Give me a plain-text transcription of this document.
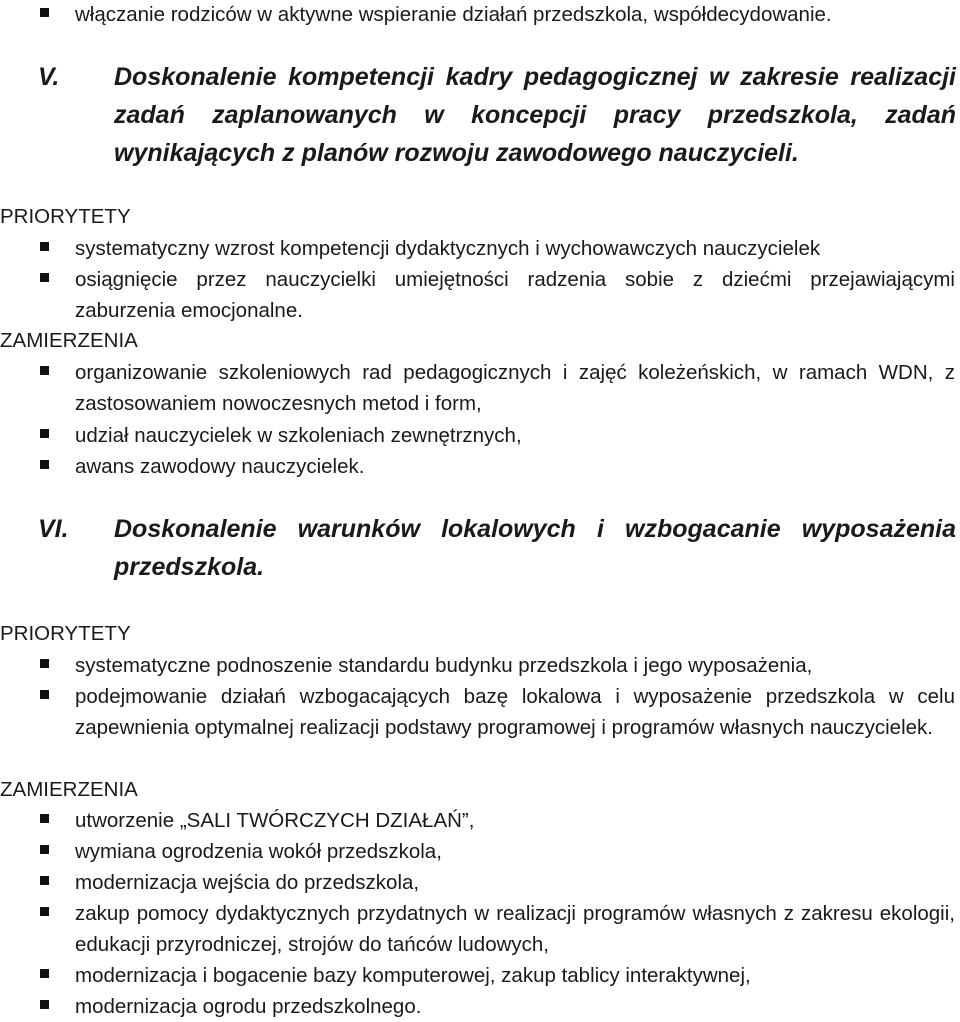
włączanie rodziców w aktywne wspieranie działań przedszkola, współdecydowanie.
V. Doskonalenie kompetencji kadry pedagogicznej w zakresie realizacji zadań zaplanowanych w koncepcji pracy przedszkola, zadań wynikających z planów rozwoju zawodowego nauczycieli.
PRIORYTETY
systematyczny wzrost kompetencji dydaktycznych i wychowawczych nauczycielek
osiągnięcie przez nauczycielki umiejętności radzenia sobie z dziećmi przejawiającymi zaburzenia emocjonalne.
ZAMIERZENIA
organizowanie szkoleniowych rad pedagogicznych i zajęć koleżeńskich, w ramach WDN, z zastosowaniem nowoczesnych metod i form,
udział nauczycielek w szkoleniach zewnętrznych,
awans zawodowy nauczycielek.
VI. Doskonalenie warunków lokalowych i wzbogacanie wyposażenia przedszkola.
PRIORYTETY
systematyczne podnoszenie standardu budynku przedszkola i jego wyposażenia,
podejmowanie działań wzbogacających bazę lokalowa i wyposażenie przedszkola w celu zapewnienia optymalnej realizacji podstawy programowej i programów własnych nauczycielek.
ZAMIERZENIA
utworzenie „SALI TWÓRCZYCH DZIAŁAŃ”,
wymiana ogrodzenia wokół przedszkola,
modernizacja wejścia do przedszkola,
zakup pomocy dydaktycznych przydatnych w realizacji programów własnych z zakresu ekologii, edukacji przyrodniczej, strojów do tańców ludowych,
modernizacja i bogacenie bazy komputerowej, zakup tablicy interaktywnej,
modernizacja ogrodu przedszkolnego.
